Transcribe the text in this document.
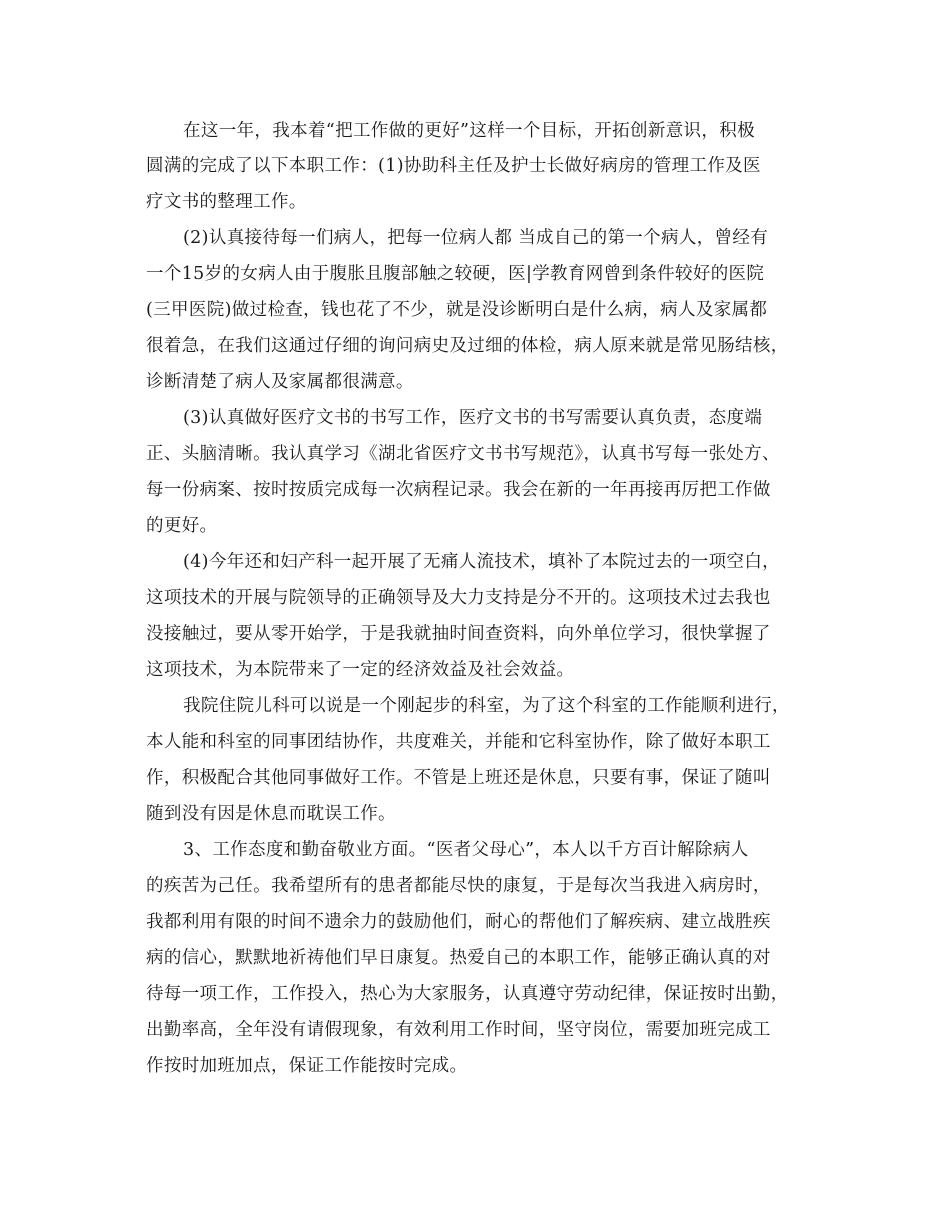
在这一年，我本着“把工作做的更好”这样一个目标，开拓创新意识，积极
圆满的完成了以下本职工作：(1)协助科主任及护士长做好病房的管理工作及医
疗文书的整理工作。
(2)认真接待每一们病人，把每一位病人都 当成自己的第一个病人，曾经有
一个15岁的女病人由于腹胀且腹部触之较硬，医|学教育网曾到条件较好的医院
(三甲医院)做过检查，钱也花了不少，就是没诊断明白是什么病，病人及家属都
很着急，在我们这通过仔细的询问病史及过细的体检，病人原来就是常见肠结核，
诊断清楚了病人及家属都很满意。
(3)认真做好医疗文书的书写工作，医疗文书的书写需要认真负责，态度端
正、头脑清晰。我认真学习《湖北省医疗文书书写规范》，认真书写每一张处方、
每一份病案、按时按质完成每一次病程记录。我会在新的一年再接再厉把工作做
的更好。
(4)今年还和妇产科一起开展了无痛人流技术，填补了本院过去的一项空白，
这项技术的开展与院领导的正确领导及大力支持是分不开的。这项技术过去我也
没接触过，要从零开始学，于是我就抽时间查资料，向外单位学习，很快掌握了
这项技术，为本院带来了一定的经济效益及社会效益。
我院住院儿科可以说是一个刚起步的科室，为了这个科室的工作能顺利进行，
本人能和科室的同事团结协作，共度难关，并能和它科室协作，除了做好本职工
作，积极配合其他同事做好工作。不管是上班还是休息，只要有事，保证了随叫
随到没有因是休息而耽误工作。
3、工作态度和勤奋敬业方面。“医者父母心”，本人以千方百计解除病人
的疾苦为己任。我希望所有的患者都能尽快的康复，于是每次当我进入病房时，
我都利用有限的时间不遗余力的鼓励他们，耐心的帮他们了解疾病、建立战胜疾
病的信心，默默地祈祷他们早日康复。热爱自己的本职工作，能够正确认真的对
待每一项工作，工作投入，热心为大家服务，认真遵守劳动纪律，保证按时出勤，
出勤率高，全年没有请假现象，有效利用工作时间，坚守岗位，需要加班完成工
作按时加班加点，保证工作能按时完成。
